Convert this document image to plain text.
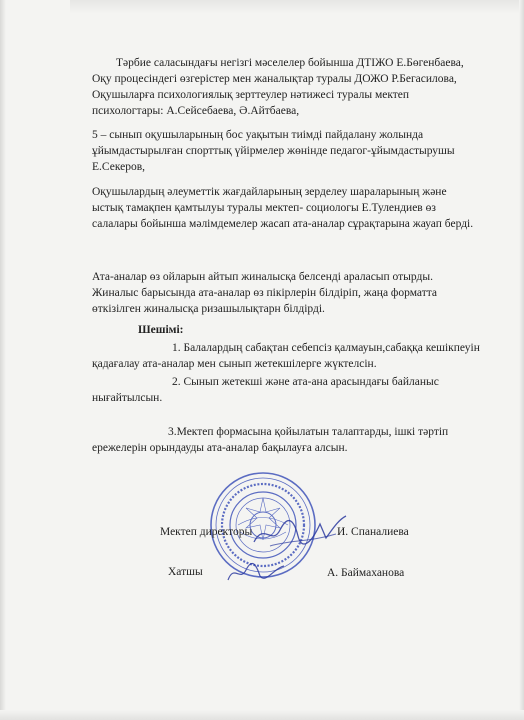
Тәрбие саласындағы негізгі мәселелер бойынша ДТІЖО Е.Бөгенбаева,
Оқу процесіндегі өзгерістер мен жаналықтар туралы ДОЖО Р.Бегасилова,
Оқушыларға психологиялық зерттеулер нәтижесі туралы мектеп
психологтары: А.Сейсебаева, Ә.Айтбаева,
5 – сынып оқушыларының бос уақытын тиімді пайдалану жолында
ұйымдастырылған спорттық үйірмелер жөнінде педагог-ұйымдастырушы
Е.Секеров,
Оқушылардың әлеуметтік жағдайларының зерделеу шараларының және
ыстық тамақпен қамтылуы туралы мектеп- социологы Е.Тулендиев өз
салалары бойынша мәлімдемелер жасап ата-аналар сұрақтарына жауап берді.
Ата-аналар өз ойларын айтып жиналысқа белсенді араласып отырды.
Жиналыс барысында ата-аналар өз пікірлерін білдіріп, жаңа форматта
өткізілген жиналысқа ризашылықтарн білдірді.

Шешімі:

1. Балалардың сабақтан себепсіз қалмауын,сабаққа кешікпеуін
қадағалау ата-аналар мен сынып жетекшілерге жүктелсін.
2. Сынып жетекші және ата-ана арасындағы байланыс
нығайтылсын.
3.Мектеп формасына қойылатын талаптарды, ішкі тәртіп
ережелерін орындауды ата-аналар бақылауға алсын.
Мектеп директоры	И. Спаналиева
Хатшы	А. Баймаханова
